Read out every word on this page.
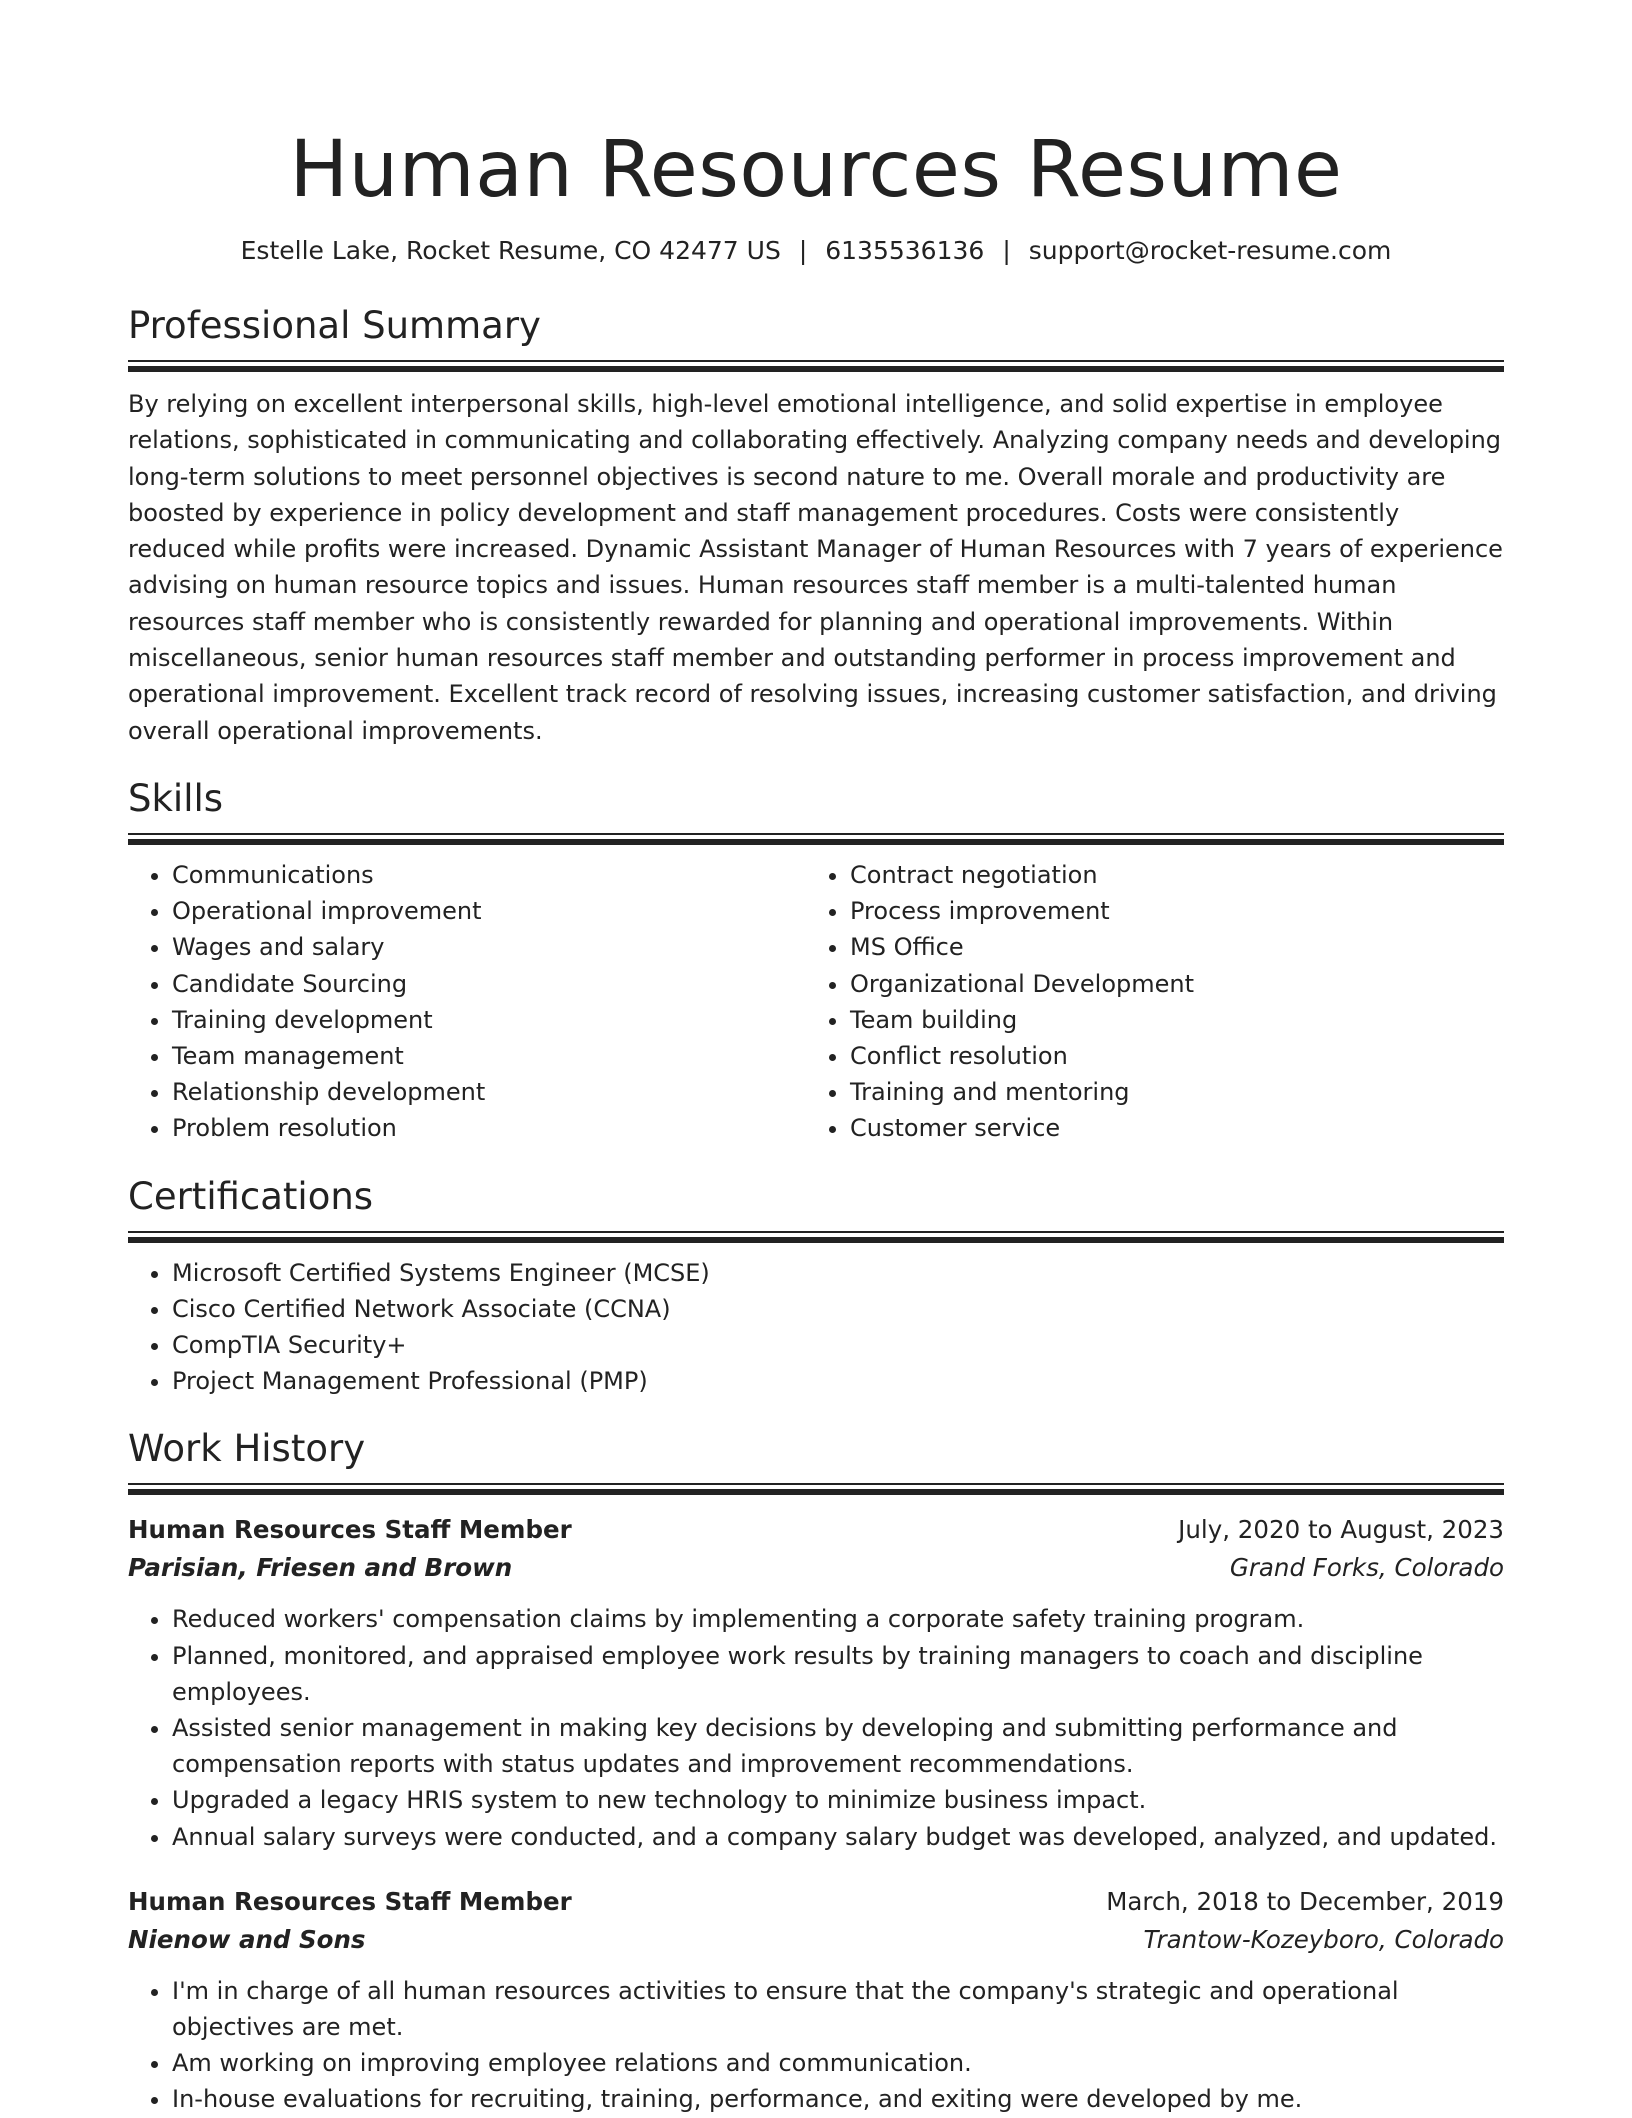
Human Resources Resume
Estelle Lake, Rocket Resume, CO 42477 US | 6135536136 | support@rocket-resume.com
Professional Summary

By relying on excellent interpersonal skills, high-level emotional intelligence, and solid expertise in employee relations, sophisticated in communicating and collaborating effectively. Analyzing company needs and developing long-term solutions to meet personnel objectives is second nature to me. Overall morale and productivity are boosted by experience in policy development and staff management procedures. Costs were consistently reduced while profits were increased. Dynamic Assistant Manager of Human Resources with 7 years of experience advising on human resource topics and issues. Human resources staff member is a multi-talented human resources staff member who is consistently rewarded for planning and operational improvements. Within miscellaneous, senior human resources staff member and outstanding performer in process improvement and operational improvement. Excellent track record of resolving issues, increasing customer satisfaction, and driving overall operational improvements.

Skills
• Communications
• Operational improvement
• Wages and salary
• Candidate Sourcing
• Training development
• Team management
• Relationship development
• Problem resolution
• Contract negotiation
• Process improvement
• MS Office
• Organizational Development
• Team building
• Conflict resolution
• Training and mentoring
• Customer service
Certifications
• Microsoft Certified Systems Engineer (MCSE)
• Cisco Certified Network Associate (CCNA)
• CompTIA Security+
• Project Management Professional (PMP)
Work History
Human Resources Staff Member	July, 2020 to August, 2023
Parisian, Friesen and Brown	Grand Forks, Colorado
• Reduced workers' compensation claims by implementing a corporate safety training program.
• Planned, monitored, and appraised employee work results by training managers to coach and discipline employees.
• Assisted senior management in making key decisions by developing and submitting performance and compensation reports with status updates and improvement recommendations.
• Upgraded a legacy HRIS system to new technology to minimize business impact.
• Annual salary surveys were conducted, and a company salary budget was developed, analyzed, and updated.
Human Resources Staff Member	March, 2018 to December, 2019
Nienow and Sons	Trantow-Kozeyboro, Colorado
• I'm in charge of all human resources activities to ensure that the company's strategic and operational objectives are met.
• Am working on improving employee relations and communication.
• In-house evaluations for recruiting, training, performance, and exiting were developed by me.
